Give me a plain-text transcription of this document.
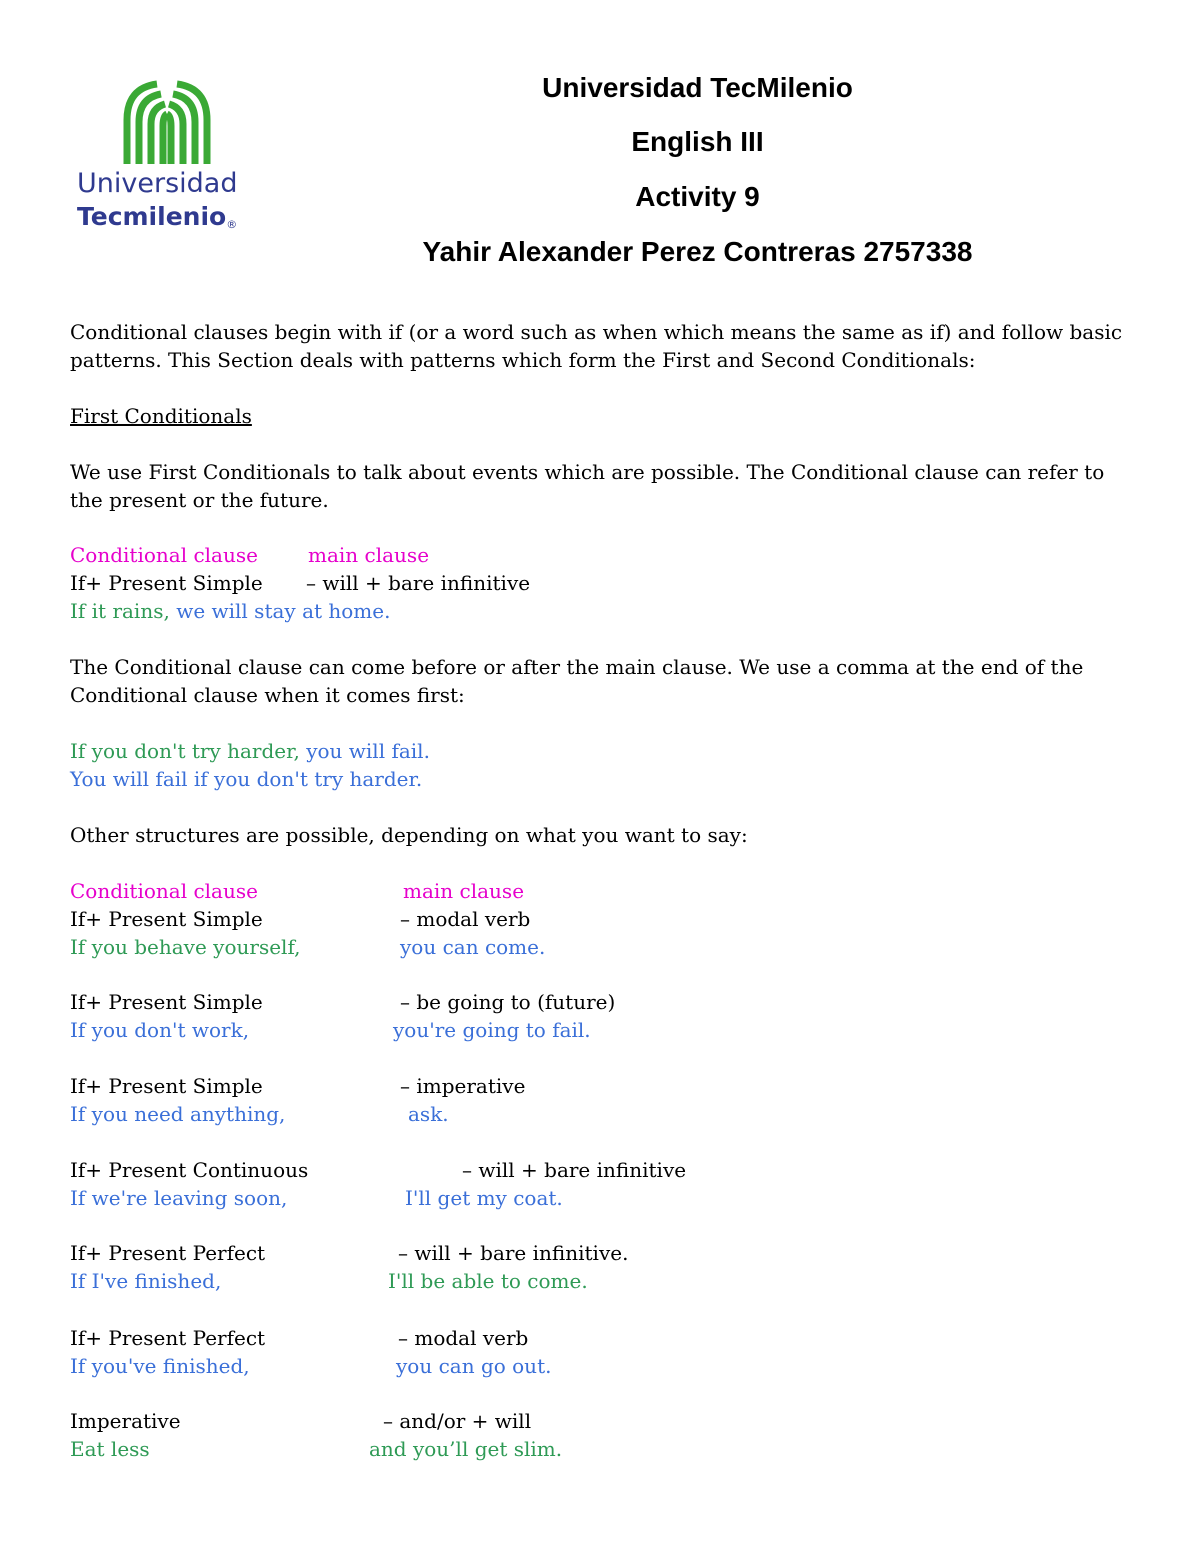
Universidad
Tecmilenio®
Universidad TecMilenio
English III
Activity 9
Yahir Alexander Perez Contreras 2757338
Conditional clauses begin with if (or a word such as when which means the same as if) and follow basic patterns. This Section deals with patterns which form the First and Second Conditionals:
First Conditionals
We use First Conditionals to talk about events which are possible. The Conditional clause can refer to the present or the future.
Conditional clause	main clause
If+ Present Simple – will + bare infinitive
If it rains, we will stay at home.
The Conditional clause can come before or after the main clause. We use a comma at the end of the Conditional clause when it comes first:
If you don't try harder, you will fail.
You will fail if you don't try harder.
Other structures are possible, depending on what you want to say:
Conditional clause	main clause
If+ Present Simple	– modal verb
If you behave yourself,	you can come.
If+ Present Simple	– be going to (future)
If you don't work,	you're going to fail.
If+ Present Simple	– imperative
If you need anything,	ask.
If+ Present Continuous	– will + bare infinitive
If we're leaving soon,	I'll get my coat.
If+ Present Perfect	– will + bare infinitive.
If I've finished,	I'll be able to come.
If+ Present Perfect	– modal verb
If you've finished,	you can go out.
Imperative	– and/or + will
Eat less	and you’ll get slim.
